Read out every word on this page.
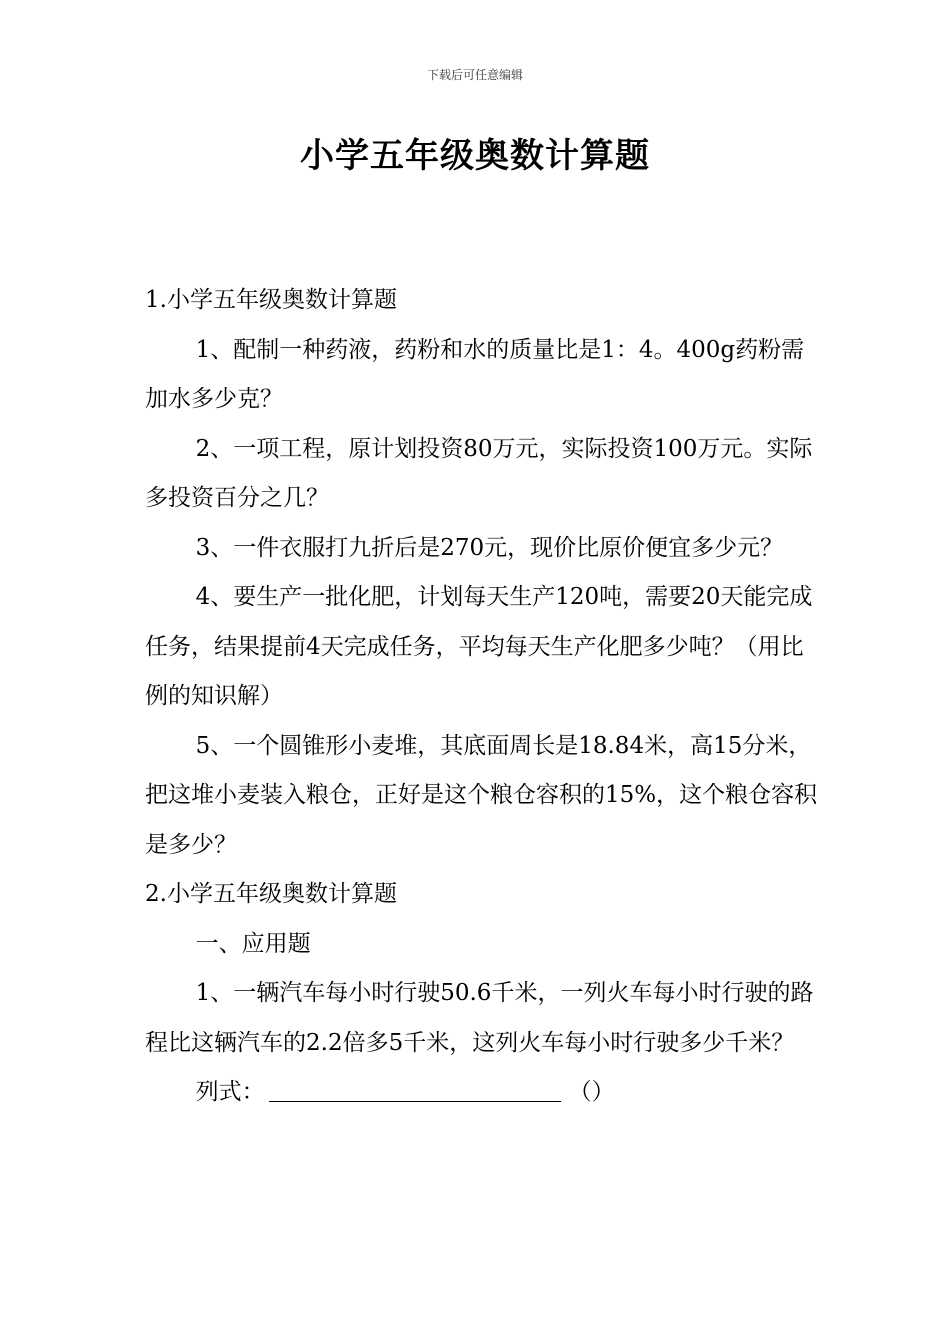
下载后可任意编辑
小学五年级奥数计算题

1.小学五年级奥数计算题

1、配制一种药液，药粉和水的质量比是1：4。400g药粉需加水多少克？

2、一项工程，原计划投资80万元，实际投资100万元。实际多投资百分之几？

3、一件衣服打九折后是270元，现价比原价便宜多少元？

4、要生产一批化肥，计划每天生产120吨，需要20天能完成任务，结果提前4天完成任务，平均每天生产化肥多少吨？（用比例的知识解）

5、一个圆锥形小麦堆，其底面周长是18.84米，高15分米，把这堆小麦装入粮仓，正好是这个粮仓容积的15%，这个粮仓容积是多少？

2.小学五年级奥数计算题

一、应用题

1、一辆汽车每小时行驶50.6千米，一列火车每小时行驶的路程比这辆汽车的2.2倍多5千米，这列火车每小时行驶多少千米？

列式：	（）
